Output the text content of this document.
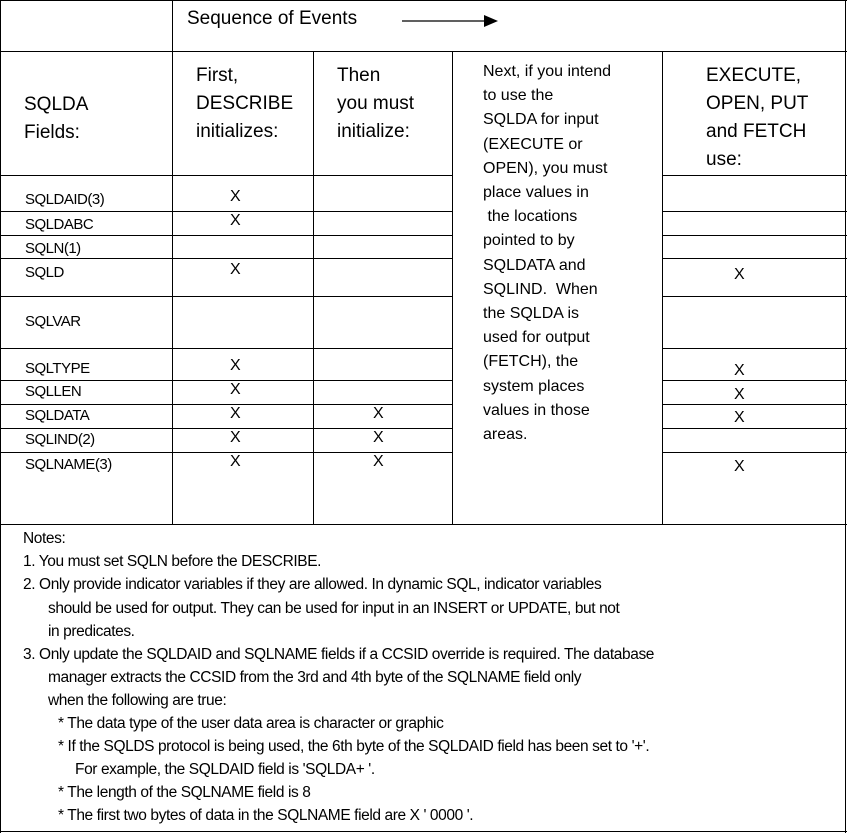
Sequence of Events
SQLDA
Fields:
First,
DESCRIBE
initializes:
Then
you must
initialize:
Next, if you intend
to use the
SQLDA for input
(EXECUTE or
OPEN), you must
place values in
the locations
pointed to by
SQLDATA and
SQLIND.  When
the SQLDA is
used for output
(FETCH), the
system places
values in those
areas.
EXECUTE,
OPEN, PUT
and FETCH
use:
SQLDAID(3)
SQLDABC
SQLN(1)
SQLD
SQLVAR
SQLTYPE
SQLLEN
SQLDATA
SQLIND(2)
SQLNAME(3)
X
X
X
X
X
X
X
X
X
X
X
X
X
X
X
X
Notes:
1. You must set SQLN before the DESCRIBE.
2. Only provide indicator variables if they are allowed. In dynamic SQL, indicator variables
should be used for output. They can be used for input in an INSERT or UPDATE, but not
in predicates.
3. Only update the SQLDAID and SQLNAME fields if a CCSID override is required. The database
manager extracts the CCSID from the 3rd and 4th byte of the SQLNAME field only
when the following are true:
* The data type of the user data area is character or graphic
* If the SQLDS protocol is being used, the 6th byte of the SQLDAID field has been set to '+'.
For example, the SQLDAID field is 'SQLDA+ '.
* The length of the SQLNAME field is 8
* The first two bytes of data in the SQLNAME field are X ' 0000 '.
